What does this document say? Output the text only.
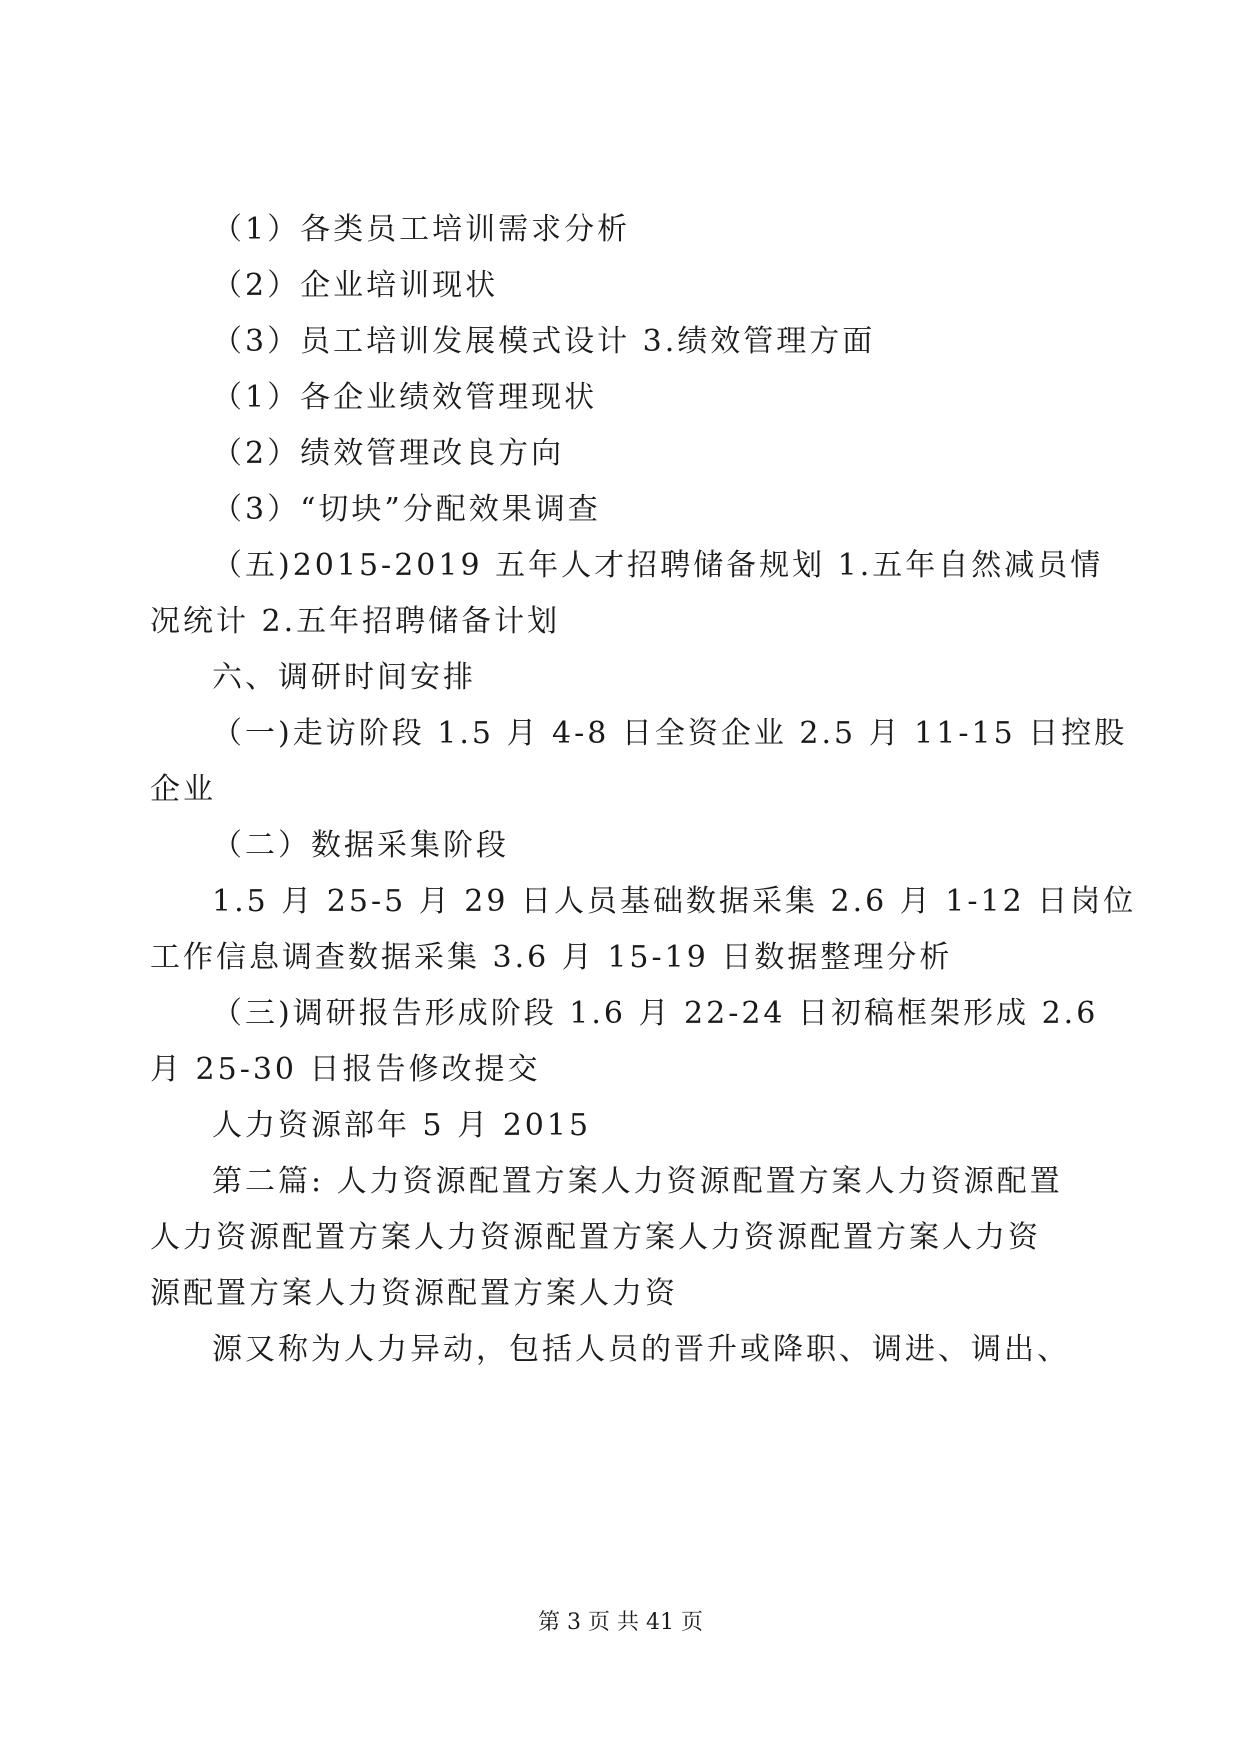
（1）各类员工培训需求分析
（2）企业培训现状
（3）员工培训发展模式设计 3.绩效管理方面
（1）各企业绩效管理现状
（2）绩效管理改良方向
（3）“切块”分配效果调查
（五)2015-2019 五年人才招聘储备规划 1.五年自然减员情
况统计 2.五年招聘储备计划
六、调研时间安排
（一)走访阶段 1.5 月 4-8 日全资企业 2.5 月 11-15 日控股
企业
（二）数据采集阶段
1.5 月 25-5 月 29 日人员基础数据采集 2.6 月 1-12 日岗位
工作信息调查数据采集 3.6 月 15-19 日数据整理分析
（三)调研报告形成阶段 1.6 月 22-24 日初稿框架形成 2.6
月 25-30 日报告修改提交
人力资源部年 5 月 2015
第二篇: 人力资源配置方案人力资源配置方案人力资源配置
人力资源配置方案人力资源配置方案人力资源配置方案人力资
源配置方案人力资源配置方案人力资
源又称为人力异动，包括人员的晋升或降职、调进、调出、
第 3 页 共 41 页
